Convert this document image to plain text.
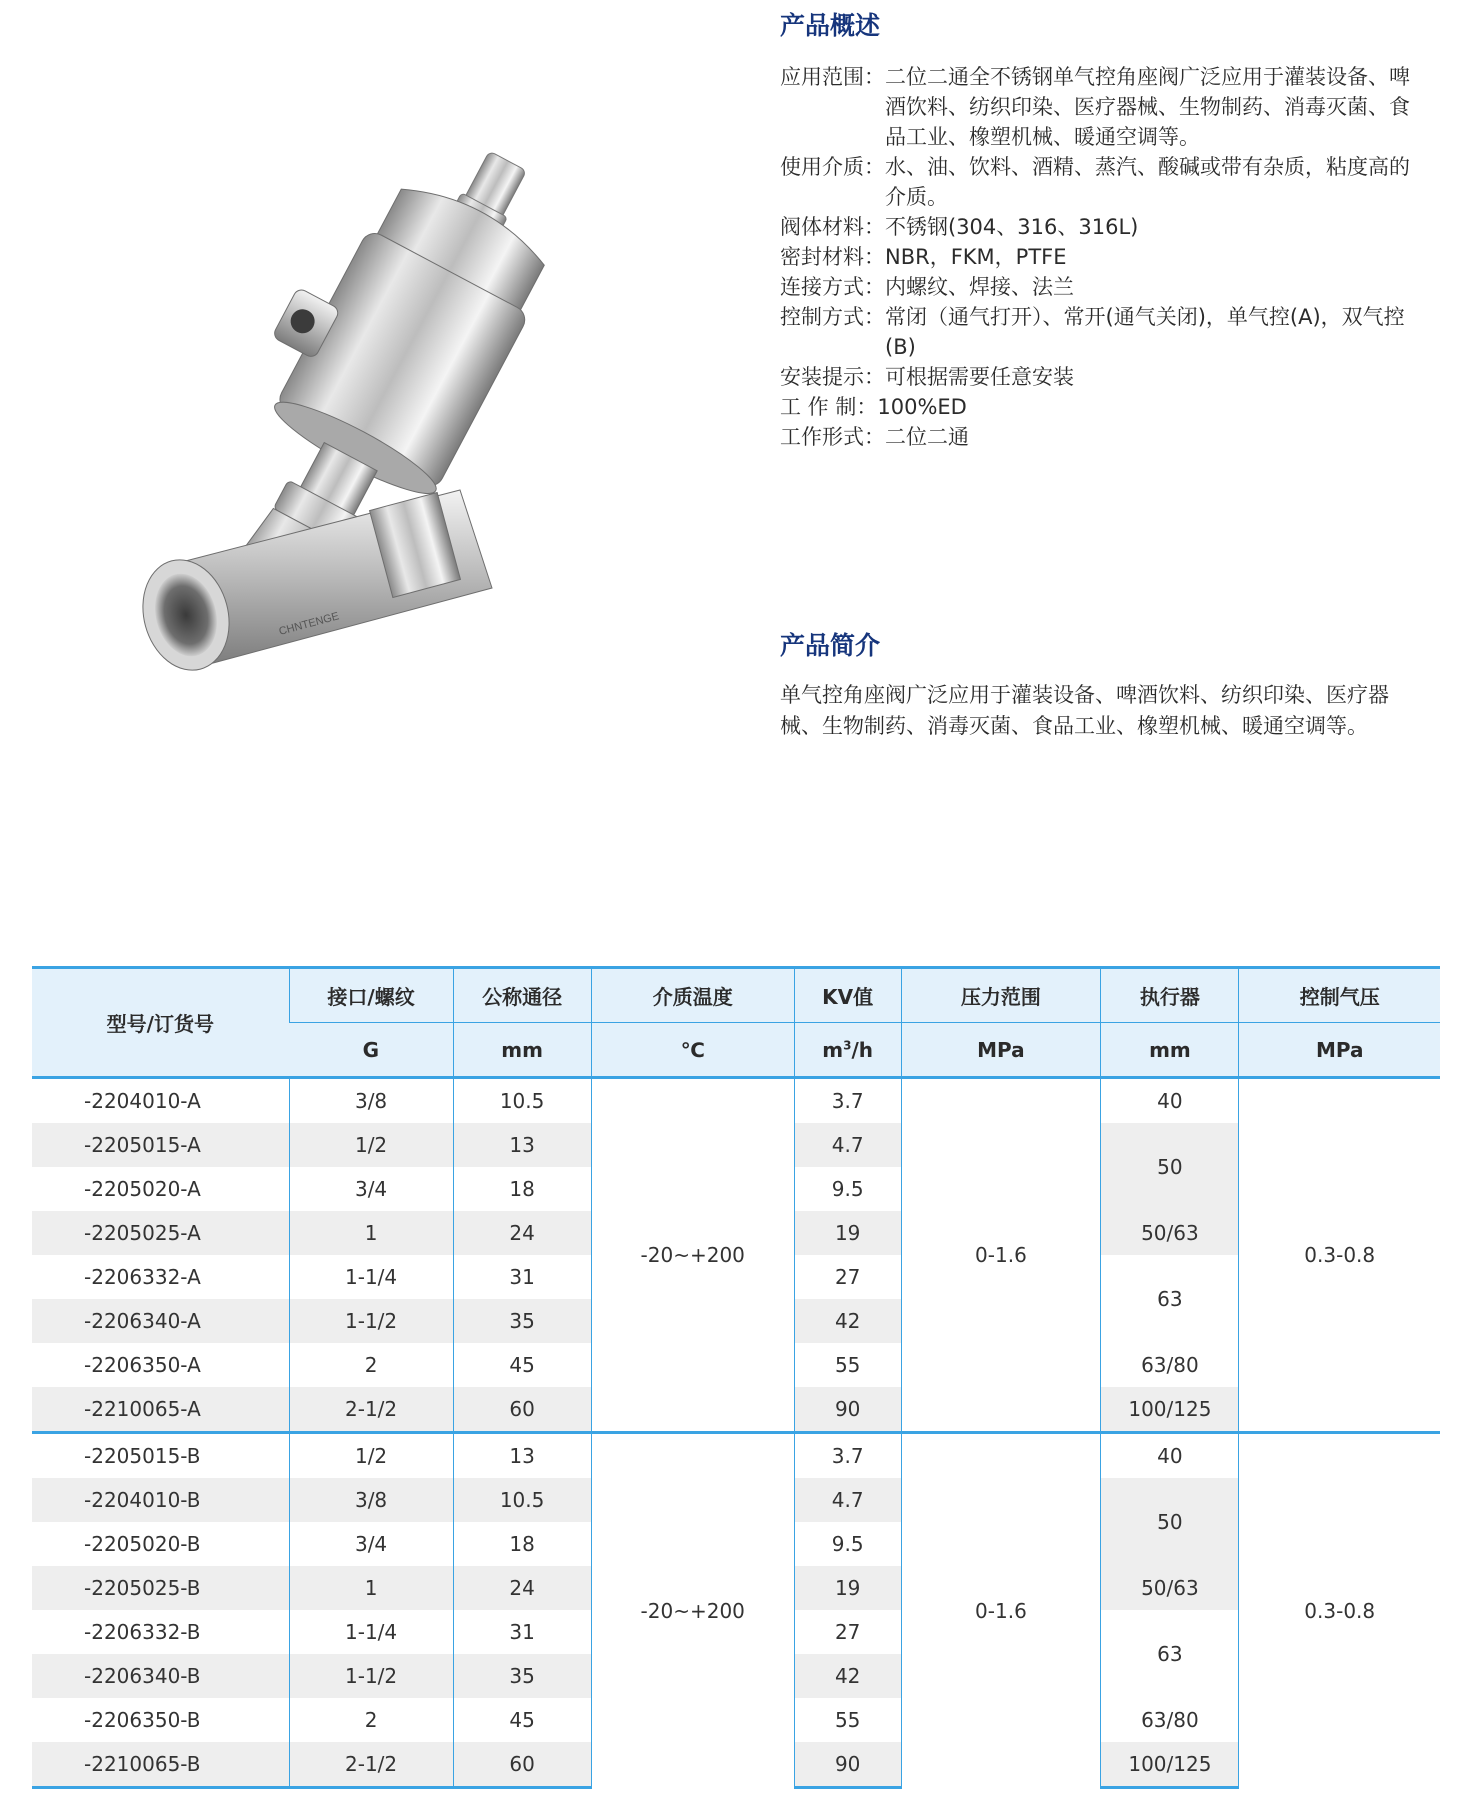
CHNTENGE
产品概述
应用范围： 二位二通全不锈钢单气控角座阀广泛应用于灌装设备、啤酒饮料、纺织印染、医疗器械、生物制药、消毒灭菌、食品工业、橡塑机械、暖通空调等。
使用介质： 水、油、饮料、酒精、蒸汽、酸碱或带有杂质，粘度高的介质。
阀体材料： 不锈钢(304、316、316L)
密封材料： NBR，FKM，PTFE
连接方式： 内螺纹、焊接、法兰
控制方式： 常闭（通气打开）、常开(通气关闭)，单气控(A)，双气控(B)
安装提示： 可根据需要任意安装
工 作 制： 100%ED
工作形式： 二位二通
产品简介

单气控角座阀广泛应用于灌装设备、啤酒饮料、纺织印染、医疗器械、生物制药、消毒灭菌、食品工业、橡塑机械、暖通空调等。

型号/订货号	接口/螺纹	公称通径	介质温度	KV值	压力范围	执行器	控制气压
	G	mm	℃	$m^3/h$	MPa	mm	MPa
-2204010-A	3/8	10.5	-20~+200	3.7	0-1.6	40	0.3-0.8
-2205015-A	1/2	13		4.7		50	
-2205020-A	3/4	18		9.5			
-2205025-A	1	24		19		50/63	
-2206332-A	1-1/4	31		27		63	
-2206340-A	1-1/2	35		42			
-2206350-A	2	45		55		63/80	
-2210065-A	2-1/2	60		90		100/125	
-2205015-B	1/2	13	-20~+200	3.7	0-1.6	40	0.3-0.8
-2204010-B	3/8	10.5		4.7		50	
-2205020-B	3/4	18		9.5			
-2205025-B	1	24		19		50/63	
-2206332-B	1-1/4	31		27		63	
-2206340-B	1-1/2	35		42			
-2206350-B	2	45		55		63/80	
-2210065-B	2-1/2	60		90		100/125	
